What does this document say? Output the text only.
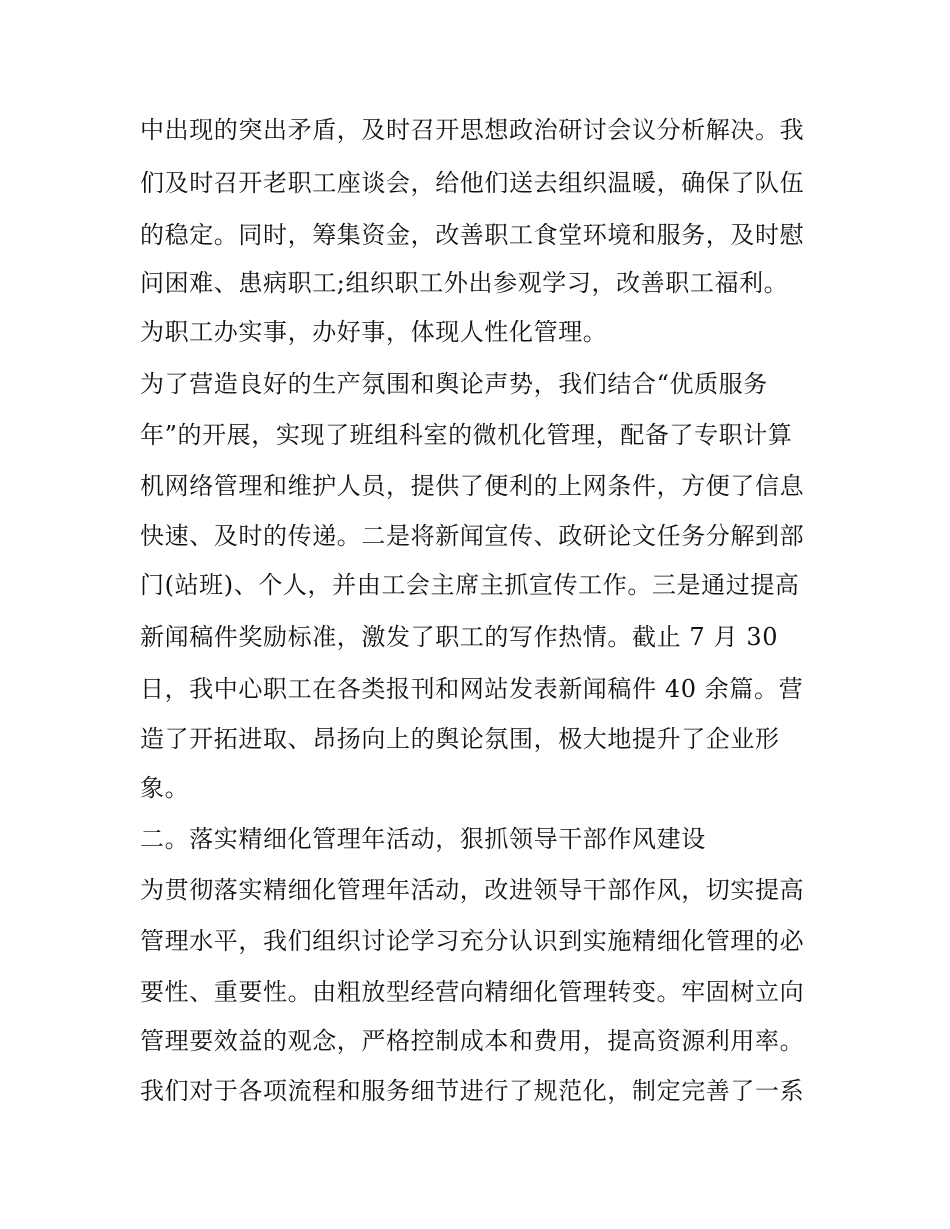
中出现的突出矛盾，及时召开思想政治研讨会议分析解决。我
们及时召开老职工座谈会，给他们送去组织温暖，确保了队伍
的稳定。同时，筹集资金，改善职工食堂环境和服务，及时慰
问困难、患病职工;组织职工外出参观学习，改善职工福利。
为职工办实事，办好事，体现人性化管理。
为了营造良好的生产氛围和舆论声势，我们结合“优质服务
年”的开展，实现了班组科室的微机化管理，配备了专职计算
机网络管理和维护人员，提供了便利的上网条件，方便了信息
快速、及时的传递。二是将新闻宣传、政研论文任务分解到部
门(站班)、个人，并由工会主席主抓宣传工作。三是通过提高
新闻稿件奖励标准，激发了职工的写作热情。截止 7 月 30
日，我中心职工在各类报刊和网站发表新闻稿件 40 余篇。营
造了开拓进取、昂扬向上的舆论氛围，极大地提升了企业形
象。
二。落实精细化管理年活动，狠抓领导干部作风建设
为贯彻落实精细化管理年活动，改进领导干部作风，切实提高
管理水平，我们组织讨论学习充分认识到实施精细化管理的必
要性、重要性。由粗放型经营向精细化管理转变。牢固树立向
管理要效益的观念，严格控制成本和费用，提高资源利用率。
我们对于各项流程和服务细节进行了规范化，制定完善了一系
